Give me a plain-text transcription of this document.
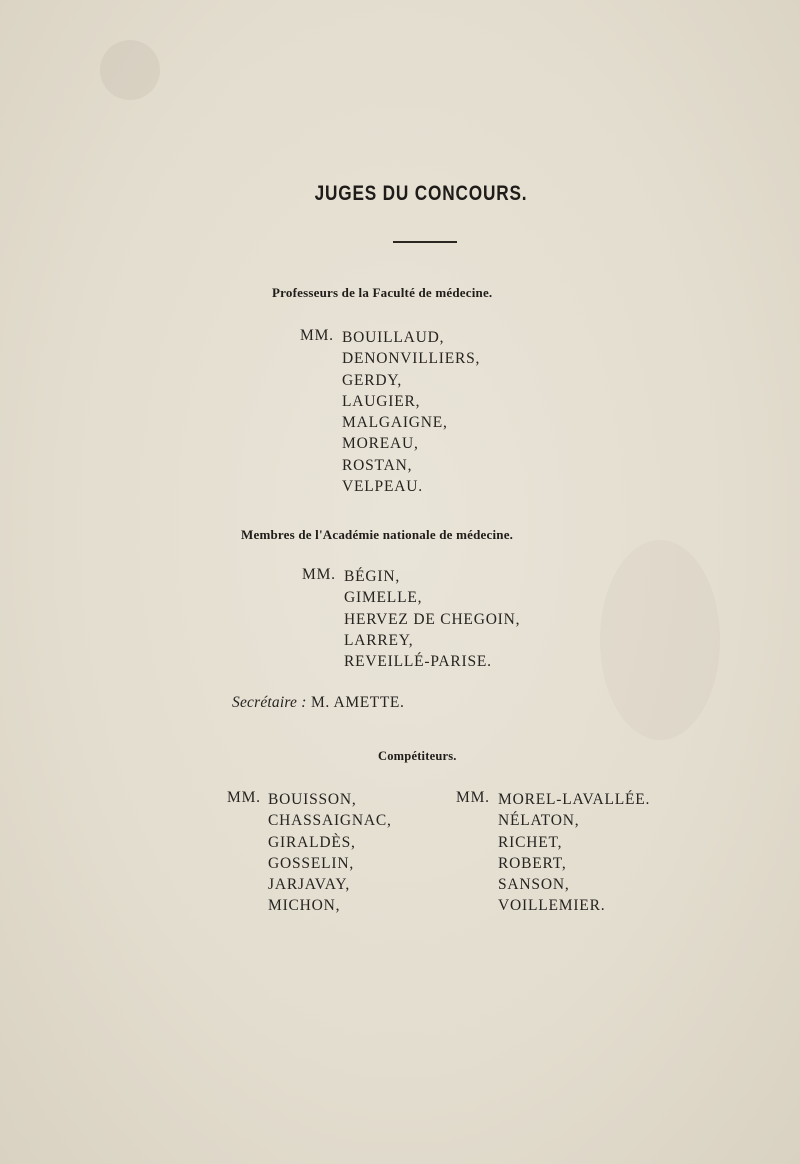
JUGES DU CONCOURS.
Professeurs de la Faculté de médecine.
MM. BOUILLAUD,
DENONVILLIERS,
GERDY,
LAUGIER,
MALGAIGNE,
MOREAU,
ROSTAN,
VELPEAU.
Membres de l'Académie nationale de médecine.
MM. BÉGIN,
GIMELLE,
HERVEZ DE CHEGOIN,
LARREY,
REVEILLÉ-PARISE.
Secrétaire : M. AMETTE.
Compétiteurs.
MM. BOUISSON,
CHASSAIGNAC,
GIRALDÈS,
GOSSELIN,
JARJAVAY,
MICHON,
MM. MOREL-LAVALLÉE.
NÉLATON,
RICHET,
ROBERT,
SANSON,
VOILLEMIER.
